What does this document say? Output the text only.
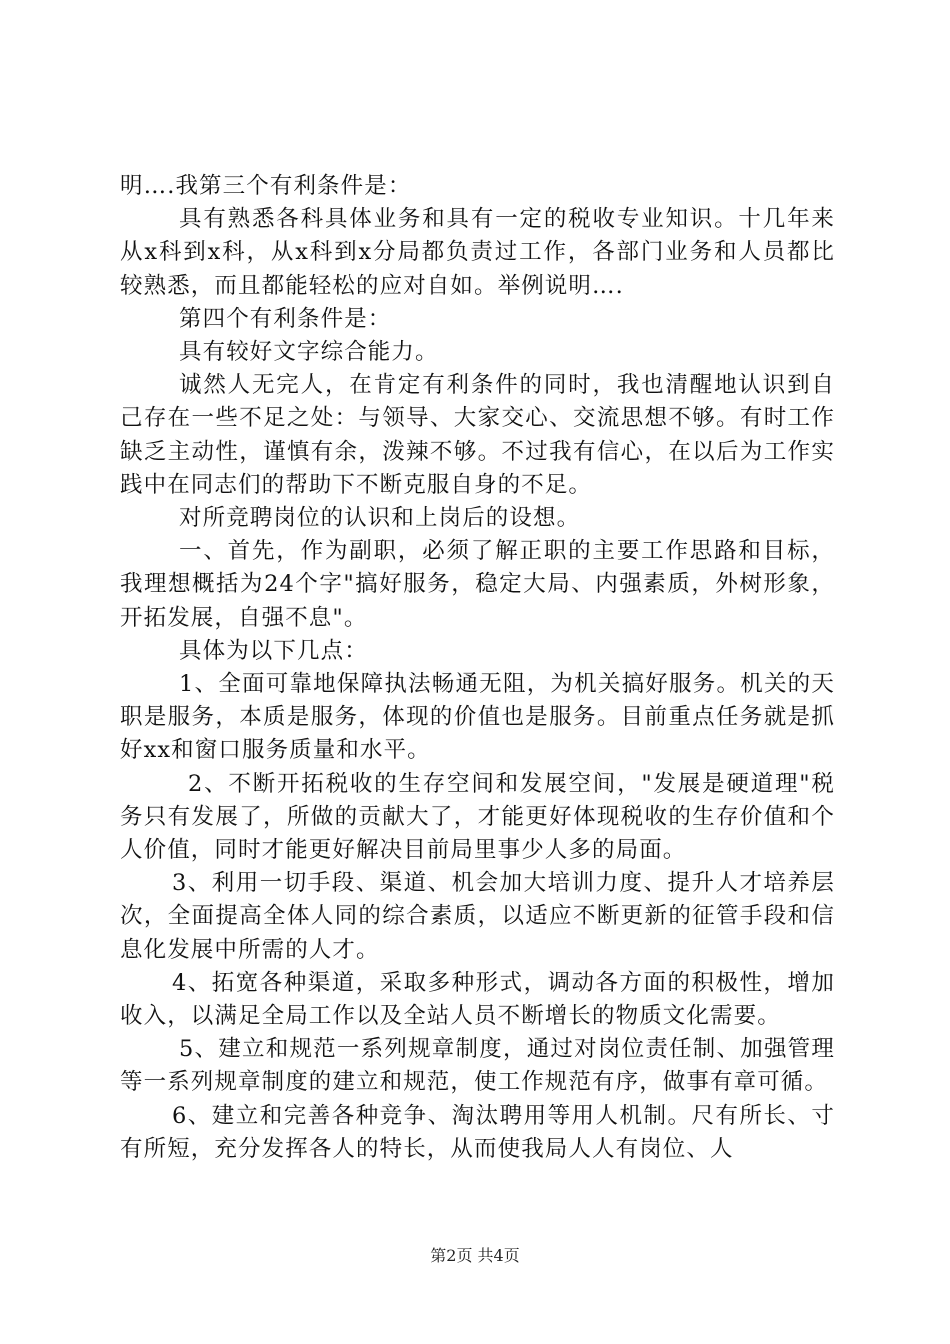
明….我第三个有利条件是：

具有熟悉各科具体业务和具有一定的税收专业知识。十几年来从x科到x科，从x科到x分局都负责过工作，各部门业务和人员都比较熟悉，而且都能轻松的应对自如。举例说明….

第四个有利条件是：

具有较好文字综合能力。

诚然人无完人，在肯定有利条件的同时，我也清醒地认识到自己存在一些不足之处：与领导、大家交心、交流思想不够。有时工作缺乏主动性，谨慎有余，泼辣不够。不过我有信心，在以后为工作实践中在同志们的帮助下不断克服自身的不足。

对所竞聘岗位的认识和上岗后的设想。

一、首先，作为副职，必须了解正职的主要工作思路和目标，我理想概括为24个字"搞好服务，稳定大局、内强素质，外树形象，开拓发展，自强不息"。

具体为以下几点：

1、全面可靠地保障执法畅通无阻，为机关搞好服务。机关的天职是服务，本质是服务，体现的价值也是服务。目前重点任务就是抓好xx和窗口服务质量和水平。

2、不断开拓税收的生存空间和发展空间，"发展是硬道理"税务只有发展了，所做的贡献大了，才能更好体现税收的生存价值和个人价值，同时才能更好解决目前局里事少人多的局面。

3、利用一切手段、渠道、机会加大培训力度、提升人才培养层次，全面提高全体人同的综合素质，以适应不断更新的征管手段和信息化发展中所需的人才。

4、拓宽各种渠道，采取多种形式，调动各方面的积极性，增加收入，以满足全局工作以及全站人员不断增长的物质文化需要。

5、建立和规范一系列规章制度，通过对岗位责任制、加强管理等一系列规章制度的建立和规范，使工作规范有序，做事有章可循。

6、建立和完善各种竞争、淘汰聘用等用人机制。尺有所长、寸有所短，充分发挥各人的特长，从而使我局人人有岗位、人

第2页 共4页
